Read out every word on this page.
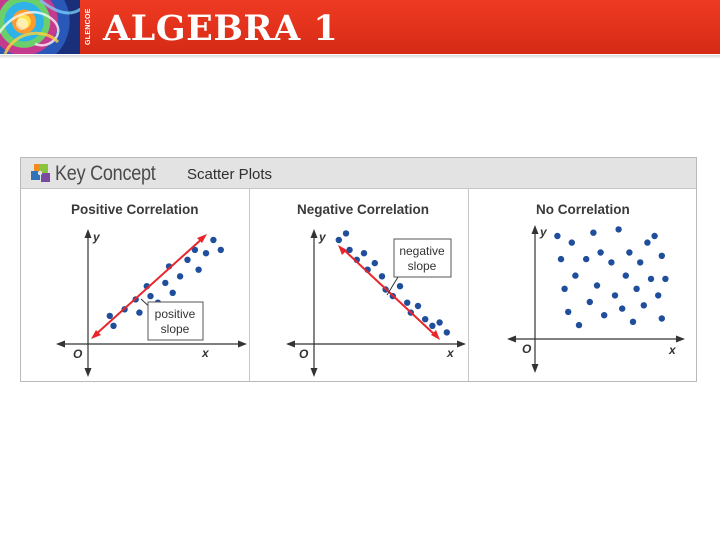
GLENCOE ALGEBRA 1
Key Concept Scatter Plots
Positive Correlation
y
x
O
positive
slope
Negative Correlation
y
x
O
negative
slope
No Correlation
y
x
O
